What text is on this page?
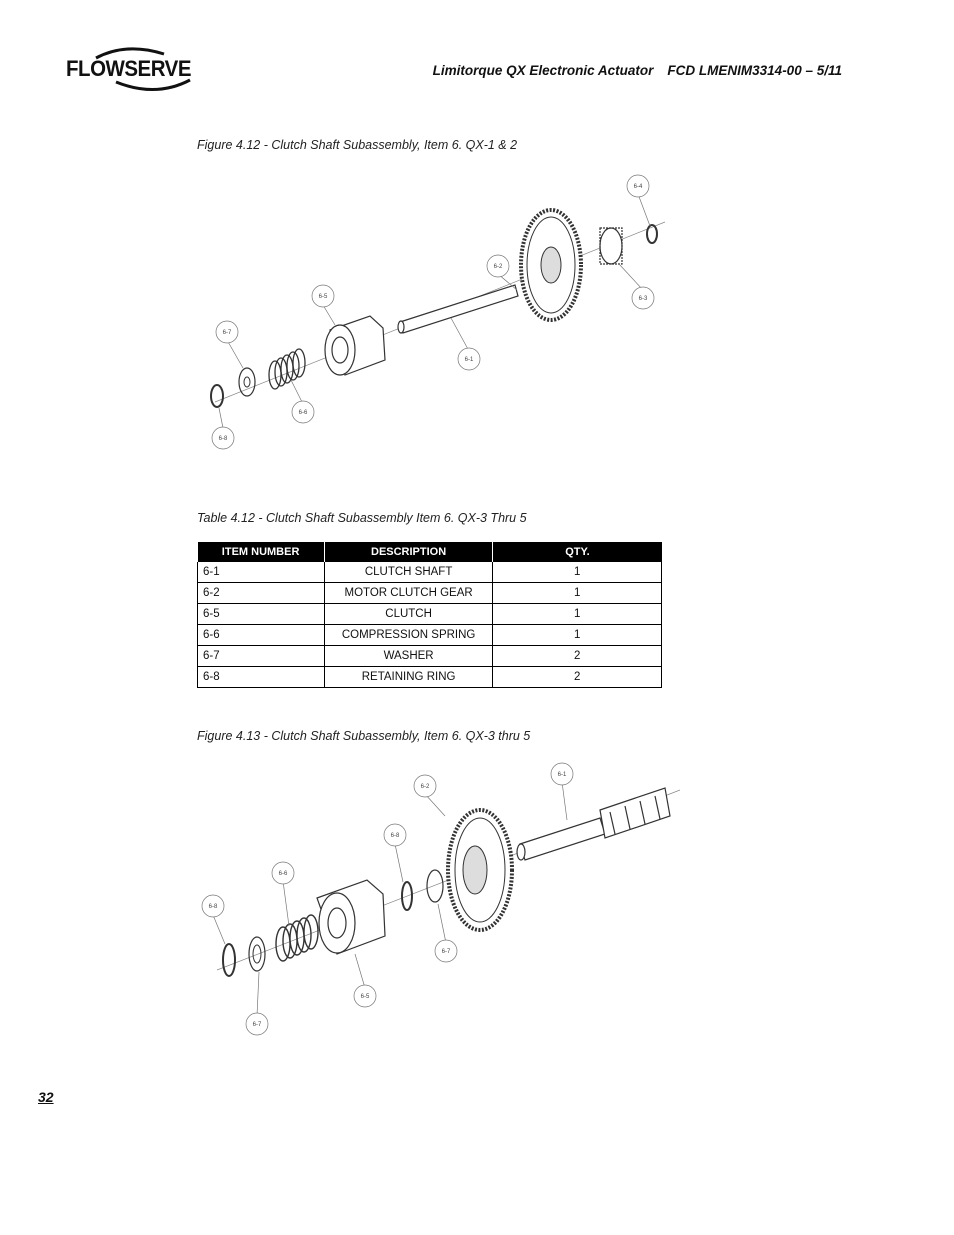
FLOWSERVE	Limitorque QX Electronic Actuator FCD LMENIM3314-00 – 5/11
Figure 4.12 - Clutch Shaft Subassembly, Item 6. QX-1 & 2
6-4
6-2
6-3
6-5
6-7
6-1
6-6
6-8
Table 4.12 - Clutch Shaft Subassembly Item 6. QX-3 Thru 5
ITEM NUMBER	DESCRIPTION	QTY.
6-1	CLUTCH SHAFT	1
6-2	MOTOR CLUTCH GEAR	1
6-5	CLUTCH	1
6-6	COMPRESSION SPRING	1
6-7	WASHER	2
6-8	RETAINING RING	2
Figure 4.13 - Clutch Shaft Subassembly, Item 6. QX-3 thru 5
6-1
6-2
6-8
6-6
6-8
6-7
6-5
6-7
32
